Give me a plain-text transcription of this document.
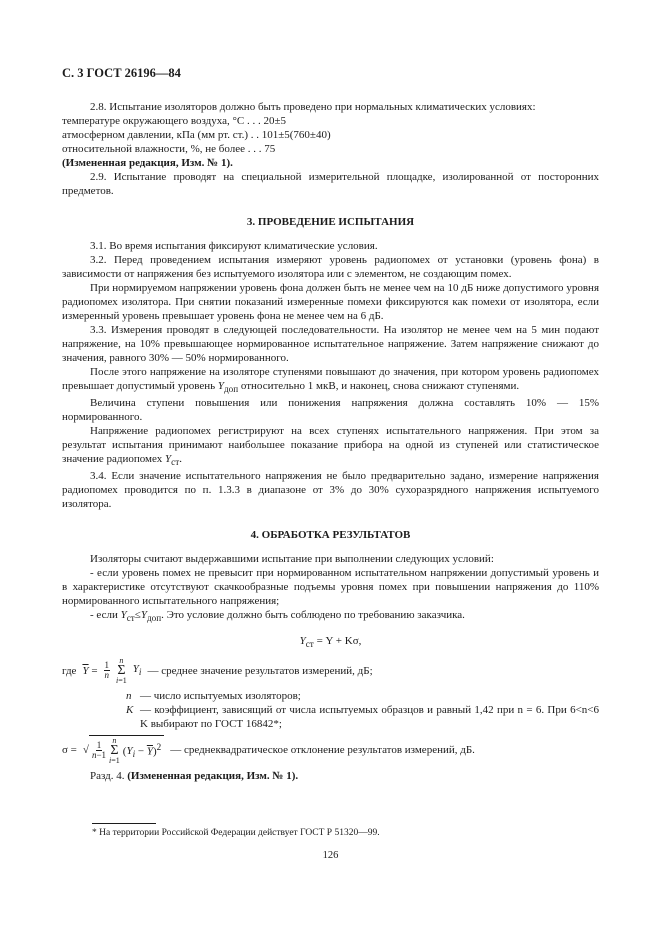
С. 3 ГОСТ 26196—84

2.8. Испытание изоляторов должно быть проведено при нормальных климатических условиях:

температуре окружающего воздуха, °С . . . 20±5

атмосферном давлении, кПа (мм рт. ст.) . . 101±5(760±40)

относительной влажности, %, не более . . . 75

(Измененная редакция, Изм. № 1).

2.9. Испытание проводят на специальной измерительной площадке, изолированной от посторонних предметов.

3. ПРОВЕДЕНИЕ ИСПЫТАНИЯ

3.1. Во время испытания фиксируют климатические условия.

3.2. Перед проведением испытания измеряют уровень радиопомех от установки (уровень фона) в зависимости от напряжения без испытуемого изолятора или с элементом, не создающим помех.

При нормируемом напряжении уровень фона должен быть не менее чем на 10 дБ ниже допустимого уровня радиопомех изолятора. При снятии показаний измеренные помехи фиксируются как помехи от изолятора, если измеренный уровень превышает уровень фона не менее чем на 6 дБ.

3.3. Измерения проводят в следующей последовательности. На изолятор не менее чем на 5 мин подают напряжение, на 10% превышающее нормированное испытательное напряжение. Затем напряжение снижают до значения, равного 30% — 50% нормированного.

После этого напряжение на изоляторе ступенями повышают до значения, при котором уровень радиопомех превышает допустимый уровень $Y_{доп}$ относительно 1 мкВ, и наконец, снова снижают ступенями.

Величина ступени повышения или понижения напряжения должна составлять 10% — 15% нормированного.

Напряжение радиопомех регистрируют на всех ступенях испытательного напряжения. При этом за результат испытания принимают наибольшее показание прибора на одной из ступеней или статистическое значение радиопомех $Y_{ст}$.

3.4. Если значение испытательного напряжения не было предварительно задано, измерение напряжения радиопомех проводится по п. 1.3.3 в диапазоне от 3% до 30% сухоразрядного напряжения испытуемого изолятора.

4. ОБРАБОТКА РЕЗУЛЬТАТОВ

Изоляторы считают выдержавшими испытание при выполнении следующих условий:

- если уровень помех не превысит при нормированном испытательном напряжении допустимый уровень и в характеристике отсутствуют скачкообразные подъемы уровня помех при повышении напряжения до 110% нормированного испытательного напряжения;

- если $Y_{ст}\le Y_{доп}$. Это условие должно быть соблюдено по требованию заказчика.

$Y_{ст} = Y + K\sigma$,
где $\overline{Y} = \frac{1}{n}$
n
Σ
i=1
$Y_i$ — среднее значение результатов измерений, дБ;
n — число испытуемых изоляторов;
K — коэффициент, зависящий от числа испытуемых образцов и равный 1,42 при n = 6. При 6<n<6 K выбирают по ГОСТ 16842*;
σ = √ $\frac{1}{n-1}$
n
Σ
i=1
$(Y_i - \overline{Y})^2$ — среднеквадратическое отклонение результатов измерений, дБ.

Разд. 4. (Измененная редакция, Изм. № 1).

* На территории Российской Федерации действует ГОСТ Р 51320—99.
126
